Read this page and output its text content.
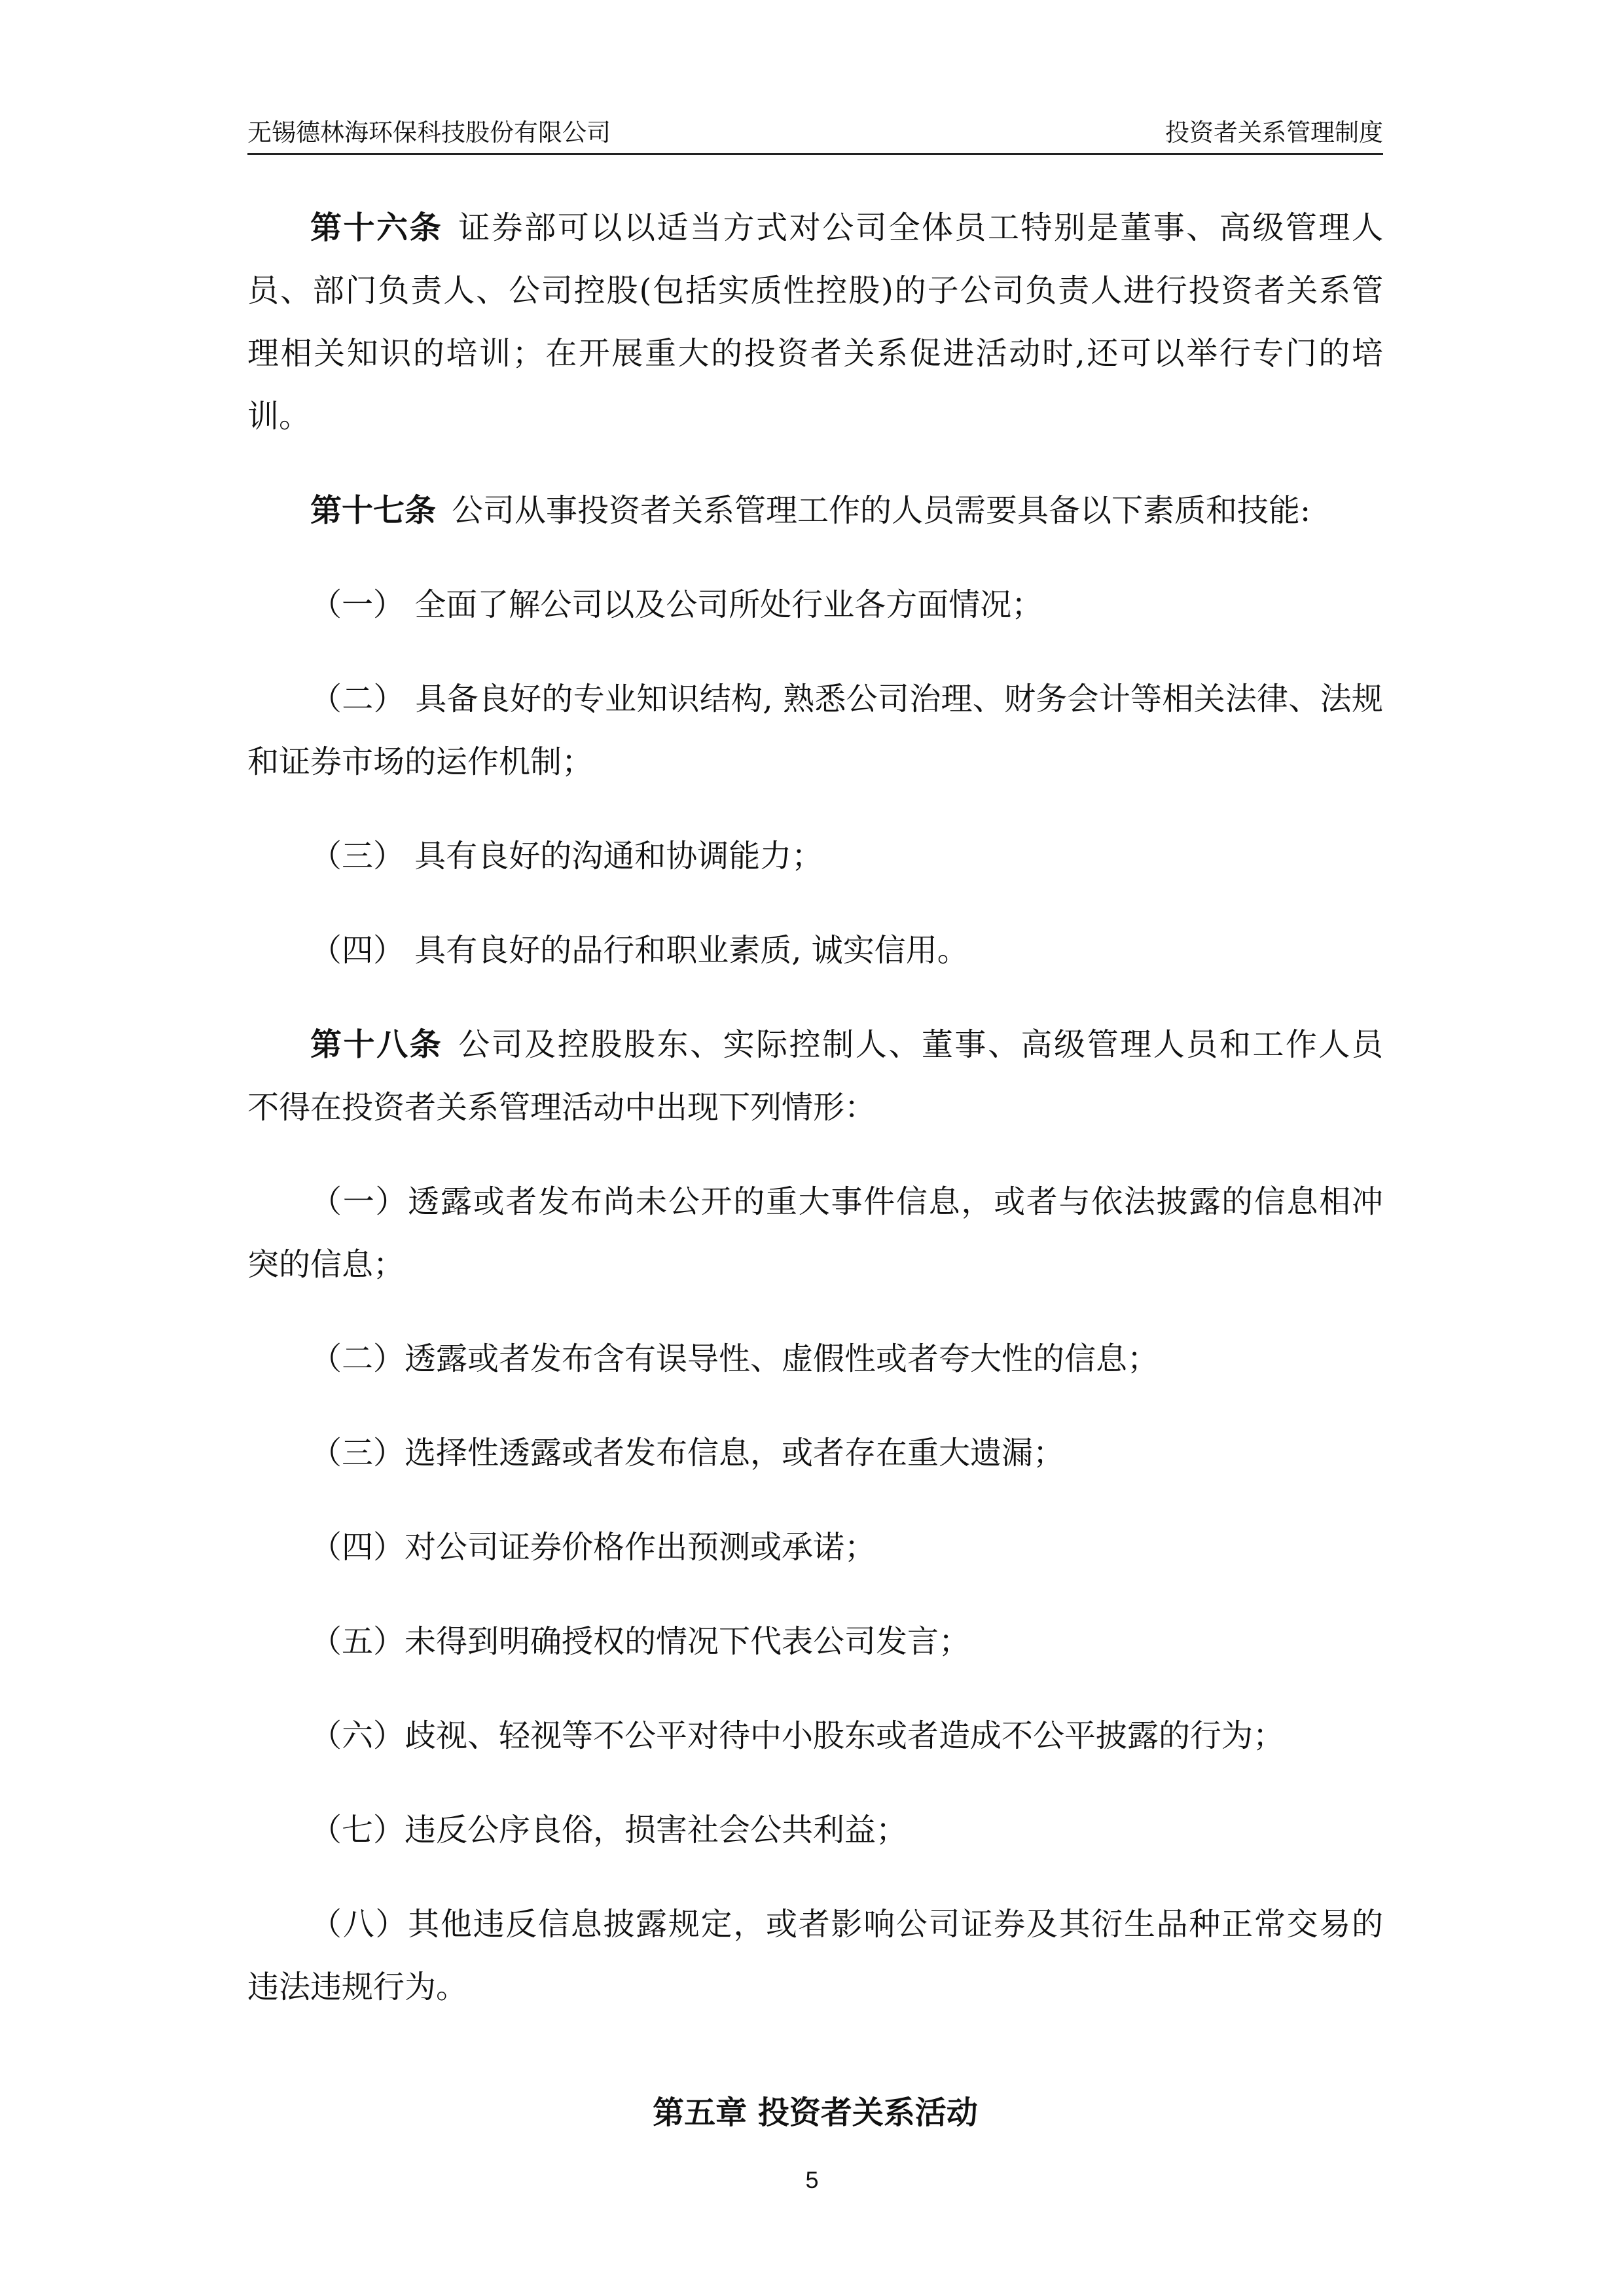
无锡德林海环保科技股份有限公司	投资者关系管理制度
第十六条 证券部可以以适当方式对公司全体员工特别是董事、高级管理人
员、部门负责人、公司控股(包括实质性控股)的子公司负责人进行投资者关系管
理相关知识的培训；在开展重大的投资者关系促进活动时,还可以举行专门的培
训。
第十七条 公司从事投资者关系管理工作的人员需要具备以下素质和技能:
（一） 全面了解公司以及公司所处行业各方面情况；
（二） 具备良好的专业知识结构, 熟悉公司治理、财务会计等相关法律、法规
和证券市场的运作机制；
（三） 具有良好的沟通和协调能力；
（四） 具有良好的品行和职业素质, 诚实信用。
第十八条 公司及控股股东、实际控制人、董事、高级管理人员和工作人员
不得在投资者关系管理活动中出现下列情形：
（一）透露或者发布尚未公开的重大事件信息，或者与依法披露的信息相冲
突的信息；
（二）透露或者发布含有误导性、虚假性或者夸大性的信息；
（三）选择性透露或者发布信息，或者存在重大遗漏；
（四）对公司证券价格作出预测或承诺；
（五）未得到明确授权的情况下代表公司发言；
（六）歧视、轻视等不公平对待中小股东或者造成不公平披露的行为；
（七）违反公序良俗，损害社会公共利益；
（八）其他违反信息披露规定，或者影响公司证券及其衍生品种正常交易的
违法违规行为。
第五章 投资者关系活动
5
